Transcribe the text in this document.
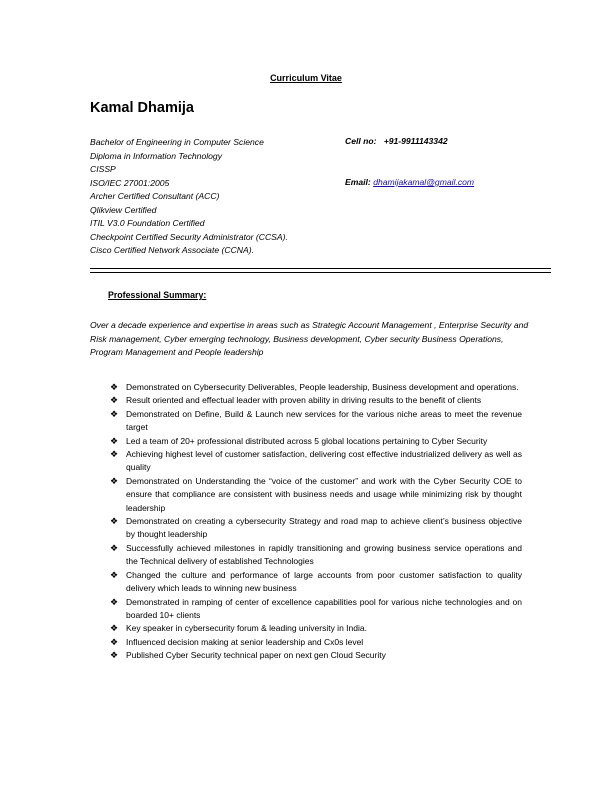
Curriculum Vitae
Kamal Dhamija
Bachelor of Engineering in Computer Science
Diploma in Information Technology
CISSP
ISO/IEC 27001:2005
Archer Certified Consultant (ACC)
Qlikview Certified
ITIL V3.0 Foundation Certified
Checkpoint Certified Security Administrator (CCSA).
Cisco Certified Network Associate (CCNA).
Cell no: +91-9911143342
Email: dhamijakamal@gmail.com
Professional Summary:
Over a decade experience and expertise in areas such as Strategic Account Management , Enterprise Security and Risk management, Cyber emerging technology, Business development, Cyber security Business Operations, Program Management and People leadership
❖ Demonstrated on Cybersecurity Deliverables, People leadership, Business development and operations.
❖ Result oriented and effectual leader with proven ability in driving results to the benefit of clients
❖ Demonstrated on Define, Build & Launch new services for the various niche areas to meet the revenue target
❖ Led a team of 20+ professional distributed across 5 global locations pertaining to Cyber Security
❖ Achieving highest level of customer satisfaction, delivering cost effective industrialized delivery as well as quality
❖ Demonstrated on Understanding the “voice of the customer” and work with the Cyber Security COE to ensure that compliance are consistent with business needs and usage while minimizing risk by thought leadership
❖ Demonstrated on creating a cybersecurity Strategy and road map to achieve client’s business objective by thought leadership
❖ Successfully achieved milestones in rapidly transitioning and growing business service operations and the Technical delivery of established Technologies
❖ Changed the culture and performance of large accounts from poor customer satisfaction to quality delivery which leads to winning new business
❖ Demonstrated in ramping of center of excellence capabilities pool for various niche technologies and on boarded 10+ clients
❖ Key speaker in cybersecurity forum & leading university in India.
❖ Influenced decision making at senior leadership and Cx0s level
❖ Published Cyber Security technical paper on next gen Cloud Security
